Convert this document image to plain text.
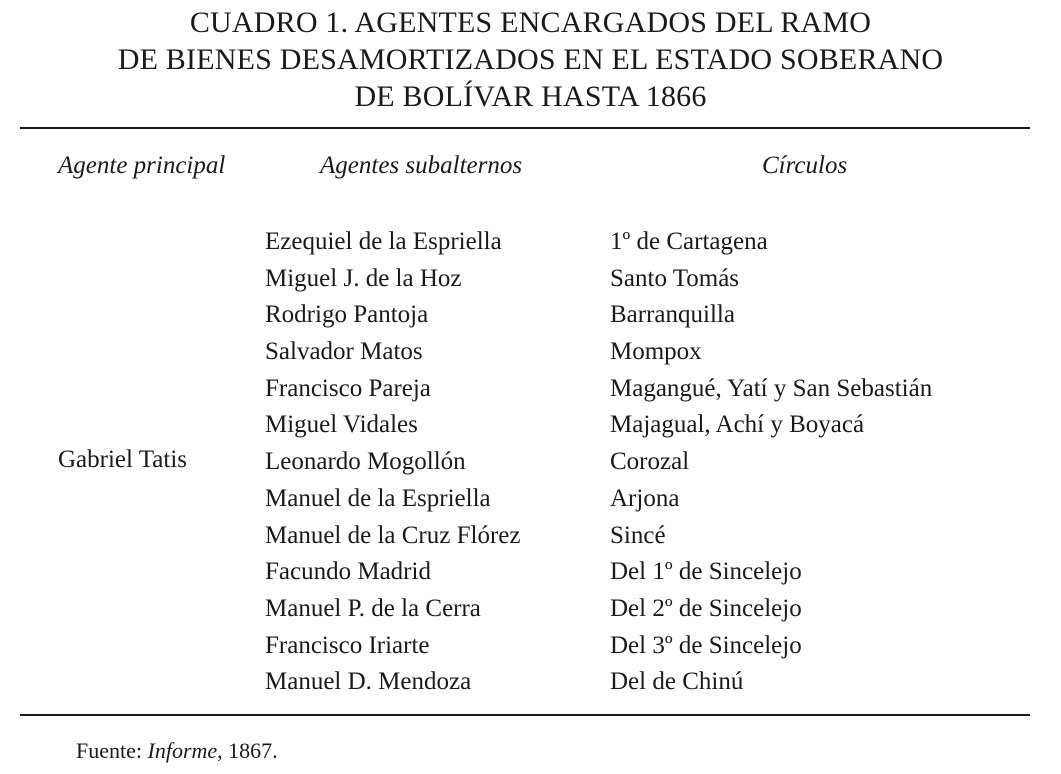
CUADRO 1. AGENTES ENCARGADOS DEL RAMO
DE BIENES DESAMORTIZADOS EN EL ESTADO SOBERANO
DE BOLÍVAR HASTA 1866
Agente principal	Agentes subalternos	Círculos
Gabriel Tatis
Ezequiel de la Espriella	1º de Cartagena
Miguel J. de la Hoz	Santo Tomás
Rodrigo Pantoja	Barranquilla
Salvador Matos	Mompox
Francisco Pareja	Magangué, Yatí y San Sebastián
Miguel Vidales	Majagual, Achí y Boyacá
Leonardo Mogollón	Corozal
Manuel de la Espriella	Arjona
Manuel de la Cruz Flórez	Sincé
Facundo Madrid	Del 1º de Sincelejo
Manuel P. de la Cerra	Del 2º de Sincelejo
Francisco Iriarte	Del 3º de Sincelejo
Manuel D. Mendoza	Del de Chinú
Fuente: Informe, 1867.
